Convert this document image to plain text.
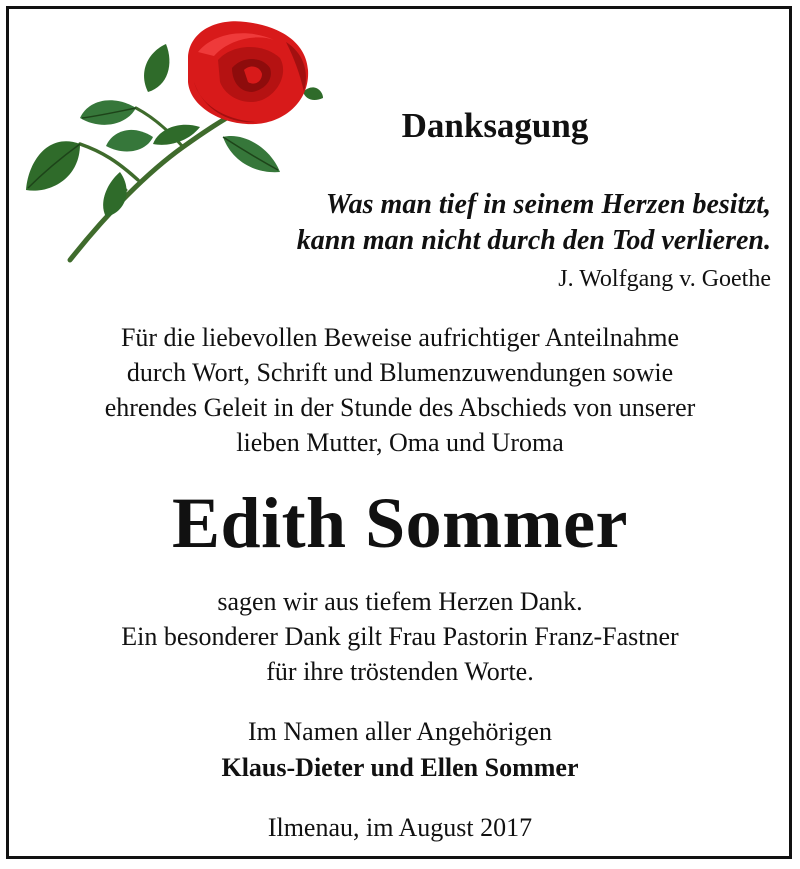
Danksagung
Was man tief in seinem Herzen besitzt,
kann man nicht durch den Tod verlieren.
J. Wolfgang v. Goethe
Für die liebevollen Beweise aufrichtiger Anteilnahme
durch Wort, Schrift und Blumenzuwendungen sowie
ehrendes Geleit in der Stunde des Abschieds von unserer
lieben Mutter, Oma und Uroma
Edith Sommer
sagen wir aus tiefem Herzen Dank.
Ein besonderer Dank gilt Frau Pastorin Franz-Fastner
für ihre tröstenden Worte.
Im Namen aller Angehörigen
Klaus-Dieter und Ellen Sommer
Ilmenau, im August 2017
